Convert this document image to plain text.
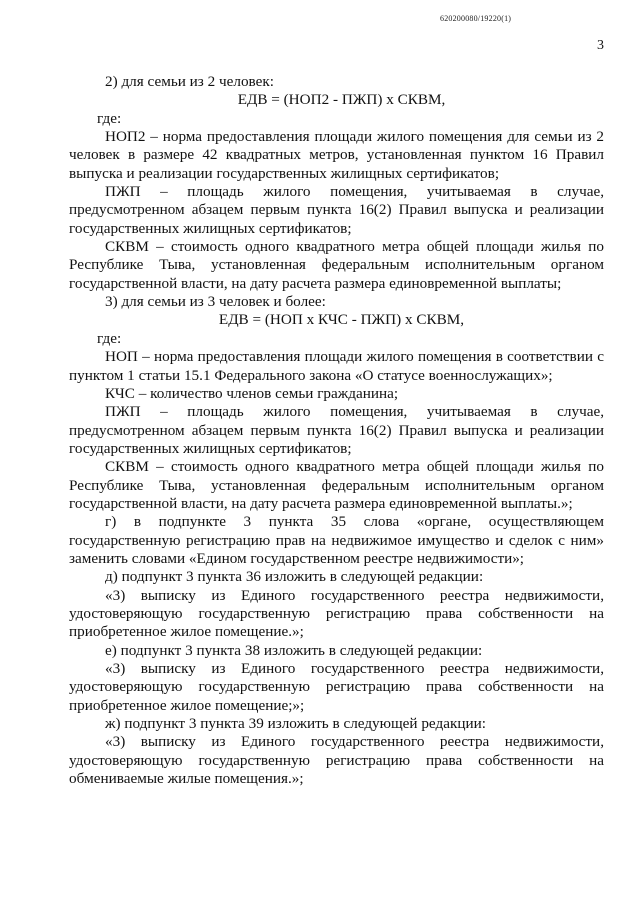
620200080/19220(1)
3

2) для семьи из 2 человек:

ЕДВ = (НОП2 - ПЖП) х СКВМ,

где:

НОП2 – норма предоставления площади жилого помещения для семьи из 2 человек в размере 42 квадратных метров, установленная пунктом 16 Правил выпуска и реализации государственных жилищных сертификатов;

ПЖП – площадь жилого помещения, учитываемая в случае, предусмотренном абзацем первым пункта 16(2) Правил выпуска и реализации государственных жилищных сертификатов;

СКВМ – стоимость одного квадратного метра общей площади жилья по Республике Тыва, установленная федеральным исполнительным органом государственной власти, на дату расчета размера единовременной выплаты;

3) для семьи из 3 человек и более:

ЕДВ = (НОП х КЧС - ПЖП) х СКВМ,

где:

НОП – норма предоставления площади жилого помещения в соответствии с пунктом 1 статьи 15.1 Федерального закона «О статусе военнослужащих»;

КЧС – количество членов семьи гражданина;

ПЖП – площадь жилого помещения, учитываемая в случае, предусмотренном абзацем первым пункта 16(2) Правил выпуска и реализации государственных жилищных сертификатов;

СКВМ – стоимость одного квадратного метра общей площади жилья по Республике Тыва, установленная федеральным исполнительным органом государственной власти, на дату расчета размера единовременной выплаты.»;

г) в подпункте 3 пункта 35 слова «органе, осуществляющем государственную регистрацию прав на недвижимое имущество и сделок с ним» заменить словами «Едином государственном реестре недвижимости»;

д) подпункт 3 пункта 36 изложить в следующей редакции:

«3) выписку из Единого государственного реестра недвижимости, удостоверяющую государственную регистрацию права собственности на приобретенное жилое помещение.»;

е) подпункт 3 пункта 38 изложить в следующей редакции:

«3) выписку из Единого государственного реестра недвижимости, удостоверяющую государственную регистрацию права собственности на приобретенное жилое помещение;»;

ж) подпункт 3 пункта 39 изложить в следующей редакции:

«3) выписку из Единого государственного реестра недвижимости, удостоверяющую государственную регистрацию права собственности на обмениваемые жилые помещения.»;
